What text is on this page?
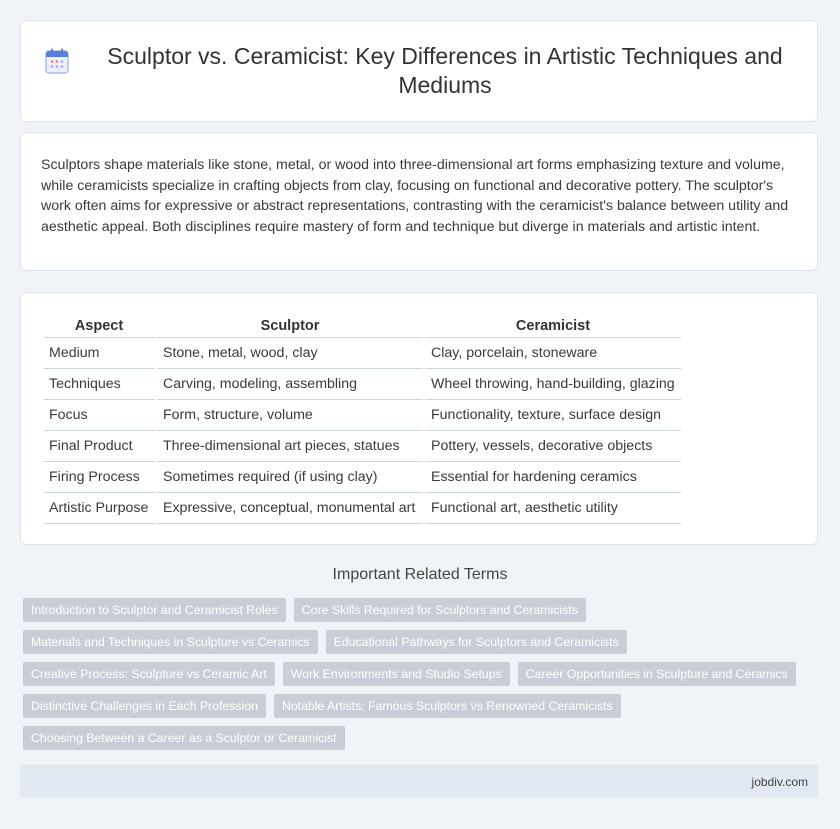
Sculptor vs. Ceramicist: Key Differences in Artistic Techniques and Mediums

Sculptors shape materials like stone, metal, or wood into three-dimensional art forms emphasizing texture and volume, while ceramicists specialize in crafting objects from clay, focusing on functional and decorative pottery. The sculptor's work often aims for expressive or abstract representations, contrasting with the ceramicist's balance between utility and aesthetic appeal. Both disciplines require mastery of form and technique but diverge in materials and artistic intent.

Aspect	Sculptor	Ceramicist
Medium	Stone, metal, wood, clay	Clay, porcelain, stoneware
Techniques	Carving, modeling, assembling	Wheel throwing, hand-building, glazing
Focus	Form, structure, volume	Functionality, texture, surface design
Final Product	Three-dimensional art pieces, statues	Pottery, vessels, decorative objects
Firing Process	Sometimes required (if using clay)	Essential for hardening ceramics
Artistic Purpose	Expressive, conceptual, monumental art	Functional art, aesthetic utility
Important Related Terms
Introduction to Sculptor and Ceramicist Roles	Core Skills Required for Sculptors and Ceramicists
Materials and Techniques in Sculpture vs Ceramics	Educational Pathways for Sculptors and Ceramicists
Creative Process: Sculpture vs Ceramic Art	Work Environments and Studio Setups	Career Opportunities in Sculpture and Ceramics
Distinctive Challenges in Each Profession	Notable Artists: Famous Sculptors vs Renowned Ceramicists
Choosing Between a Career as a Sculptor or Ceramicist
jobdiv.com
